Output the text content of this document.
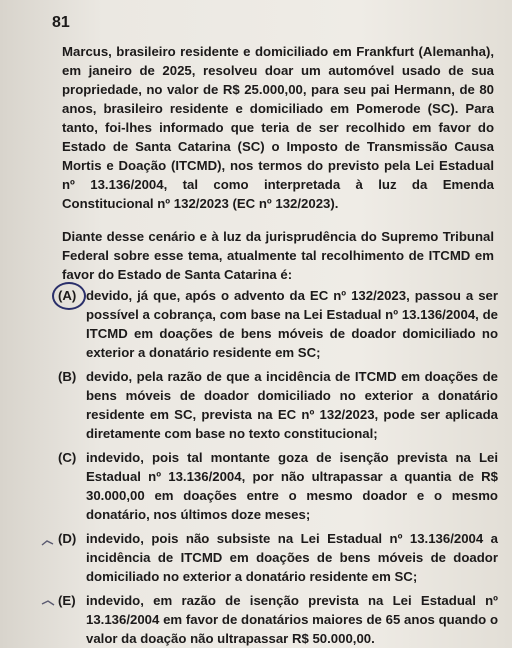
81

Marcus, brasileiro residente e domiciliado em Frankfurt (Alemanha), em janeiro de 2025, resolveu doar um automóvel usado de sua propriedade, no valor de R$ 25.000,00, para seu pai Hermann, de 80 anos, brasileiro residente e domiciliado em Pomerode (SC). Para tanto, foi-lhes informado que teria de ser recolhido em favor do Estado de Santa Catarina (SC) o Imposto de Transmissão Causa Mortis e Doação (ITCMD), nos termos do previsto pela Lei Estadual nº 13.136/2004, tal como interpretada à luz da Emenda Constitucional nº 132/2023 (EC nº 132/2023).

Diante desse cenário e à luz da jurisprudência do Supremo Tribunal Federal sobre esse tema, atualmente tal recolhimento de ITCMD em favor do Estado de Santa Catarina é:

(A) devido, já que, após o advento da EC nº 132/2023, passou a ser possível a cobrança, com base na Lei Estadual nº 13.136/2004, de ITCMD em doações de bens móveis de doador domiciliado no exterior a donatário residente em SC;
(B) devido, pela razão de que a incidência de ITCMD em doações de bens móveis de doador domiciliado no exterior a donatário residente em SC, prevista na EC nº 132/2023, pode ser aplicada diretamente com base no texto constitucional;
(C) indevido, pois tal montante goza de isenção prevista na Lei Estadual nº 13.136/2004, por não ultrapassar a quantia de R$ 30.000,00 em doações entre o mesmo doador e o mesmo donatário, nos últimos doze meses;
(D) indevido, pois não subsiste na Lei Estadual nº 13.136/2004 a incidência de ITCMD em doações de bens móveis de doador domiciliado no exterior a donatário residente em SC;
(E) indevido, em razão de isenção prevista na Lei Estadual nº 13.136/2004 em favor de donatários maiores de 65 anos quando o valor da doação não ultrapassar R$ 50.000,00.
